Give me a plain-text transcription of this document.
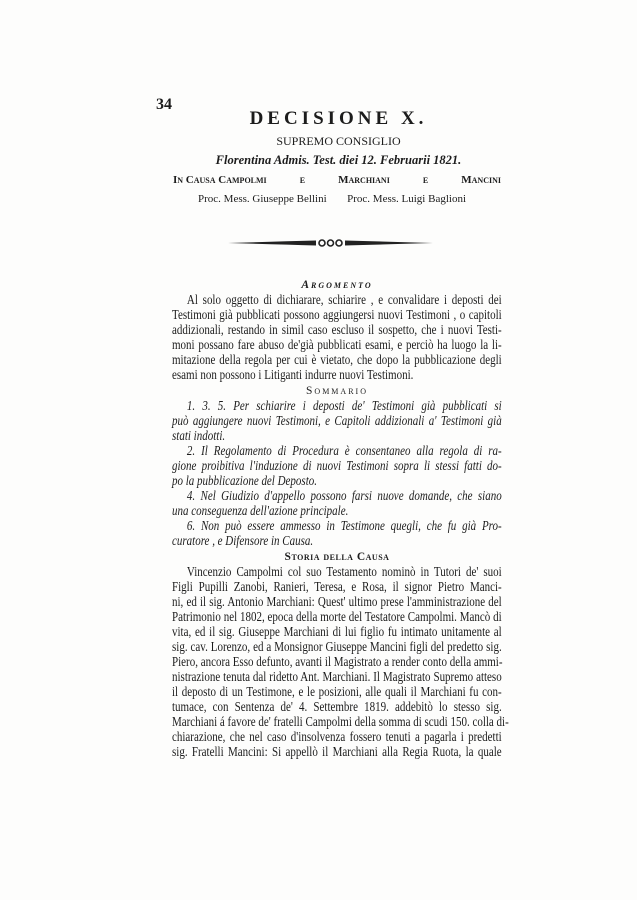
34
DECISIONE X.
SUPREMO CONSIGLIO
Florentina Admis. Test. diei 12. Februarii 1821.
In Causa Campolmi	e	Marchiani	e	Mancini
Proc. Mess. Giuseppe Bellini Proc. Mess. Luigi Baglioni
Argomento
Al solo oggetto di dichiarare, schiarire , e convalidare i deposti dei
Testimoni già pubblicati possono aggiungersi nuovi Testimoni , o capitoli
addizionali, restando in simil caso escluso il sospetto, che i nuovi Testi-
moni possano fare abuso de'già pubblicati esami, e perciò ha luogo la li-
mitazione della regola per cui è vietato, che dopo la pubblicazione degli
esami non possono i Litiganti indurre nuovi Testimoni.
Sommario
1. 3. 5. Per schiarire i deposti de' Testimoni già pubblicati si
può aggiungere nuovi Testimoni, e Capitoli addizionali a' Testimoni già
stati indotti.
2. Il Regolamento di Procedura è consentaneo alla regola di ra-
gione proibitiva l'induzione di nuovi Testimoni sopra li stessi fatti do-
po la pubblicazione del Deposto.
4. Nel Giudizio d'appello possono farsi nuove domande, che siano
una conseguenza dell'azione principale.
6. Non può essere ammesso in Testimone quegli, che fu già Pro-
curatore , e Difensore in Causa.
Storia della Causa
Vincenzio Campolmi col suo Testamento nominò in Tutori de' suoi
Figli Pupilli Zanobi, Ranieri, Teresa, e Rosa, il signor Pietro Manci-
ni, ed il sig. Antonio Marchiani: Quest' ultimo prese l'amministrazione del
Patrimonio nel 1802, epoca della morte del Testatore Campolmi. Mancò di
vita, ed il sig. Giuseppe Marchiani di lui figlio fu intimato unitamente al
sig. cav. Lorenzo, ed a Monsignor Giuseppe Mancini figli del predetto sig.
Piero, ancora Esso defunto, avanti il Magistrato a render conto della ammi-
nistrazione tenuta dal ridetto Ant. Marchiani. Il Magistrato Supremo atteso
il deposto di un Testimone, e le posizioni, alle quali il Marchiani fu con-
tumace, con Sentenza de' 4. Settembre 1819. addebitò lo stesso sig.
Marchiani á favore de' fratelli Campolmi della somma di scudi 150. colla di-
chiarazione, che nel caso d'insolvenza fossero tenuti a pagarla i predetti
sig. Fratelli Mancini: Si appellò il Marchiani alla Regia Ruota, la quale
